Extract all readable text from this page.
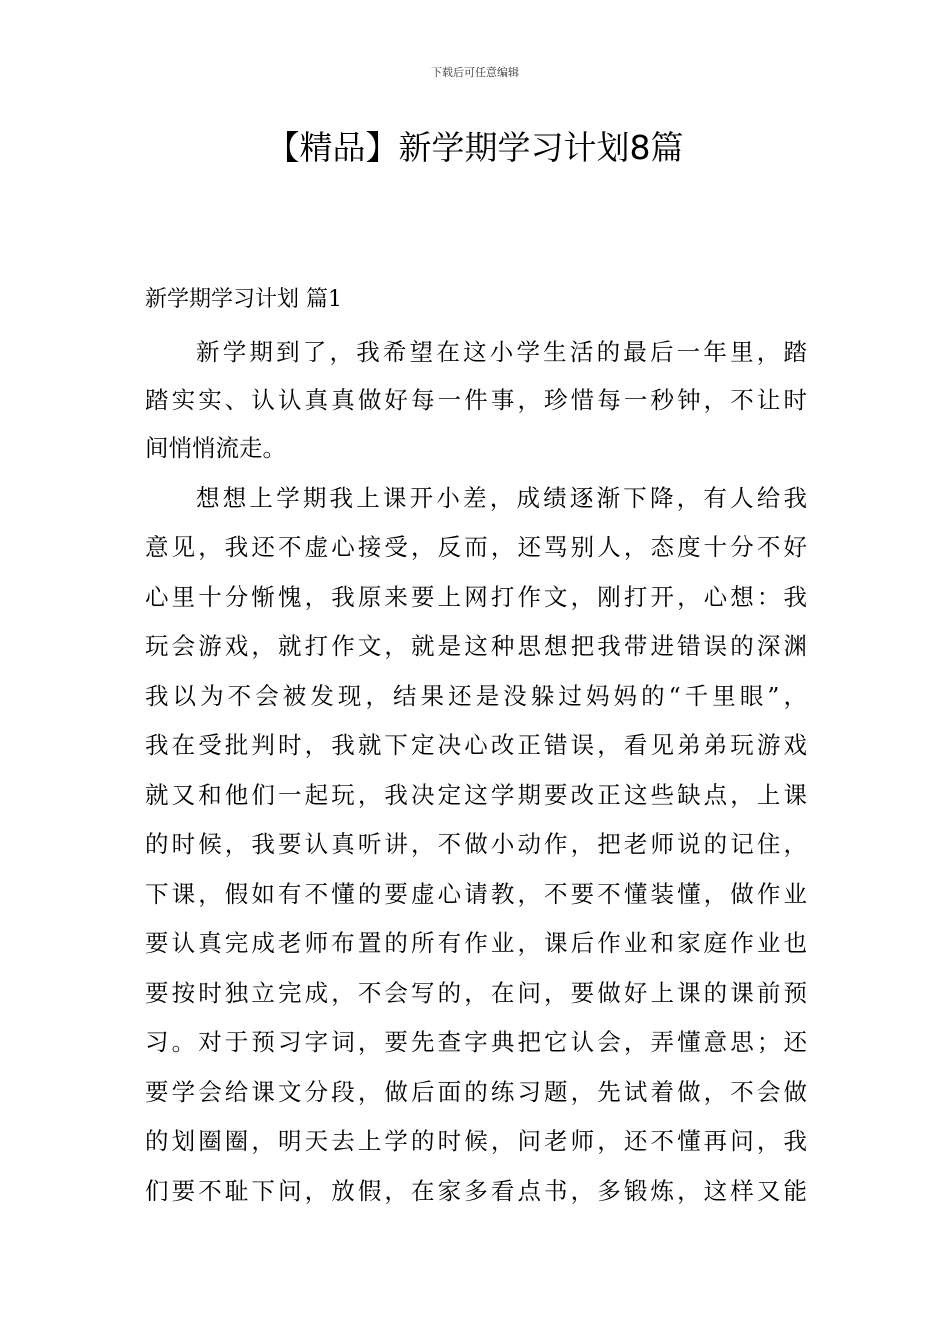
下载后可任意编辑
【精品】新学期学习计划8篇
新学期学习计划 篇1
新学期到了，我希望在这小学生活的最后一年里，踏
踏实实、认认真真做好每一件事，珍惜每一秒钟，不让时
间悄悄流走。
想想上学期我上课开小差，成绩逐渐下降，有人给我
意见，我还不虚心接受，反而，还骂别人，态度十分不好
心里十分惭愧，我原来要上网打作文，刚打开，心想：我
玩会游戏，就打作文，就是这种思想把我带进错误的深渊
我以为不会被发现，结果还是没躲过妈妈的“千里眼”，
我在受批判时，我就下定决心改正错误，看见弟弟玩游戏
就又和他们一起玩，我决定这学期要改正这些缺点，上课
的时候，我要认真听讲，不做小动作，把老师说的记住，
下课，假如有不懂的要虚心请教，不要不懂装懂，做作业
要认真完成老师布置的所有作业，课后作业和家庭作业也
要按时独立完成，不会写的，在问，要做好上课的课前预
习。对于预习字词，要先查字典把它认会，弄懂意思；还
要学会给课文分段，做后面的练习题，先试着做，不会做
的划圈圈，明天去上学的时候，问老师，还不懂再问，我
们要不耻下问，放假，在家多看点书，多锻炼，这样又能
